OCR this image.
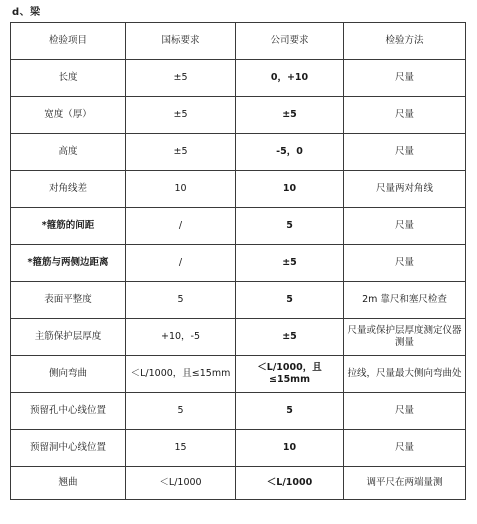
d、梁
检验项目	国标要求	公司要求	检验方法
长度	±5	0，+10	尺量
宽度（厚）	±5	±5	尺量
高度	±5	-5，0	尺量
对角线差	10	10	尺量两对角线
*箍筋的间距	/	5	尺量
*箍筋与两侧边距离	/	±5	尺量
表面平整度	5	5	2m 靠尺和塞尺检查
主筋保护层厚度	+10，-5	±5	尺量或保护层厚度测定仪器测量
侧向弯曲	＜L/1000，且≤15mm	＜L/1000，且≤15mm	拉线，尺量最大侧向弯曲处
预留孔中心线位置	5	5	尺量
预留洞中心线位置	15	10	尺量
翘曲	＜L/1000	＜L/1000	调平尺在两端量测
